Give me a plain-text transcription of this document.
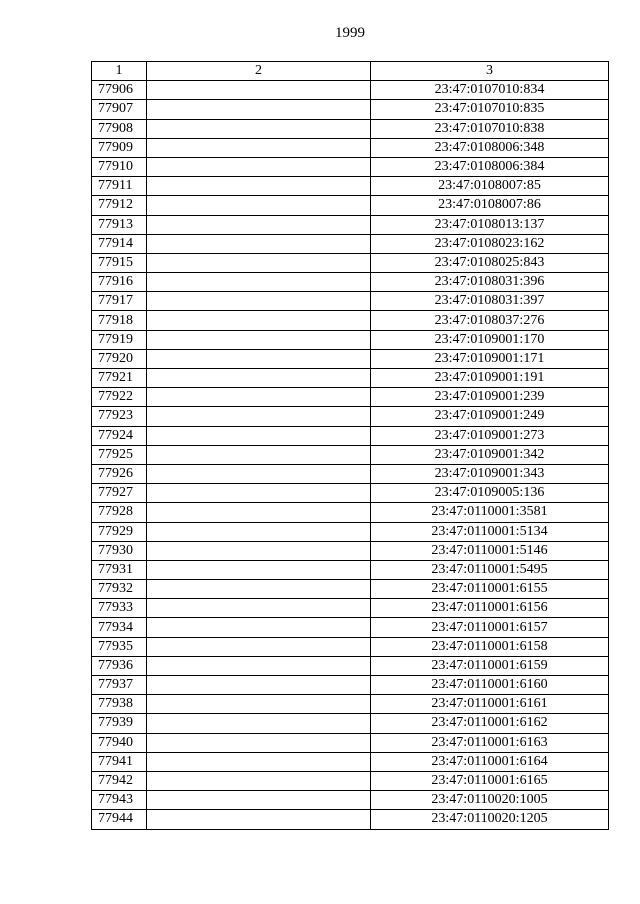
1999
1	2	3
77906		23:47:0107010:834
77907		23:47:0107010:835
77908		23:47:0107010:838
77909		23:47:0108006:348
77910		23:47:0108006:384
77911		23:47:0108007:85
77912		23:47:0108007:86
77913		23:47:0108013:137
77914		23:47:0108023:162
77915		23:47:0108025:843
77916		23:47:0108031:396
77917		23:47:0108031:397
77918		23:47:0108037:276
77919		23:47:0109001:170
77920		23:47:0109001:171
77921		23:47:0109001:191
77922		23:47:0109001:239
77923		23:47:0109001:249
77924		23:47:0109001:273
77925		23:47:0109001:342
77926		23:47:0109001:343
77927		23:47:0109005:136
77928		23:47:0110001:3581
77929		23:47:0110001:5134
77930		23:47:0110001:5146
77931		23:47:0110001:5495
77932		23:47:0110001:6155
77933		23:47:0110001:6156
77934		23:47:0110001:6157
77935		23:47:0110001:6158
77936		23:47:0110001:6159
77937		23:47:0110001:6160
77938		23:47:0110001:6161
77939		23:47:0110001:6162
77940		23:47:0110001:6163
77941		23:47:0110001:6164
77942		23:47:0110001:6165
77943		23:47:0110020:1005
77944		23:47:0110020:1205
